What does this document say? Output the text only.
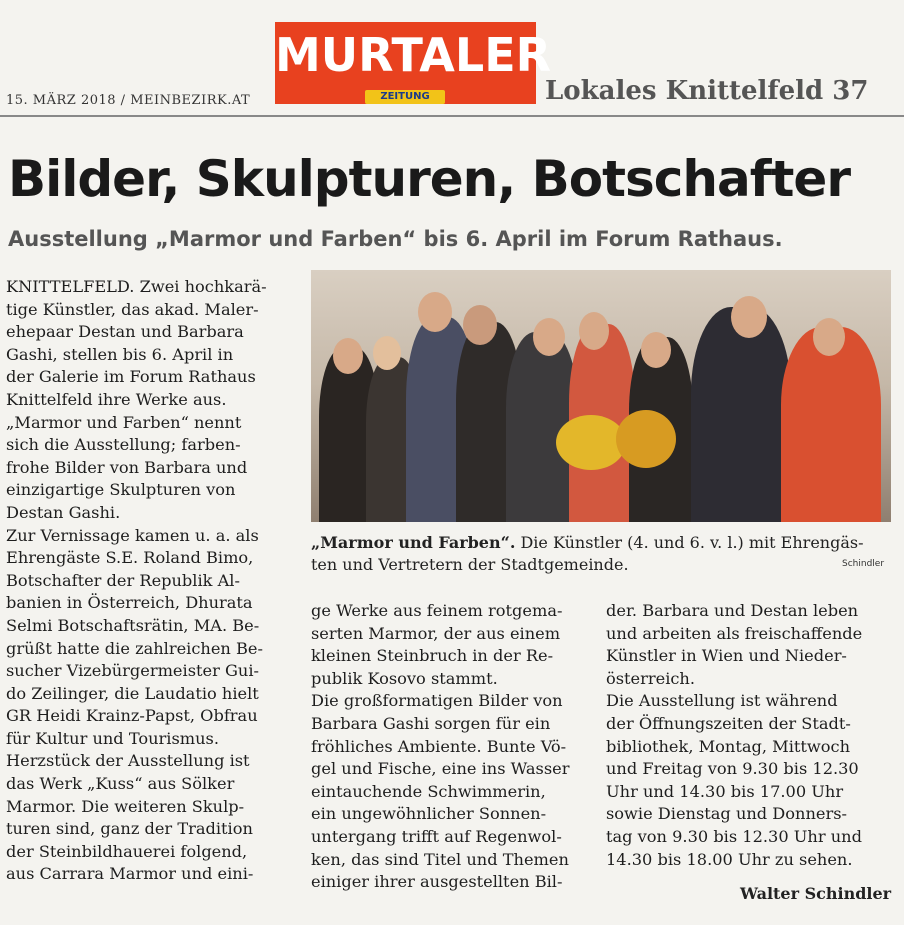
15. MÄRZ 2018 / MEINBEZIRK.AT
MURTALER
ZEITUNG	Lokales Knittelfeld 37
Bilder, Skulpturen, Botschafter
Ausstellung „Marmor und Farben“ bis 6. April im Forum Rathaus.

KNITTELFELD. Zwei hochkarä-
tige Künstler, das akad. Maler-
ehepaar Destan und Barbara
Gashi, stellen bis 6. April in
der Galerie im Forum Rathaus
Knittelfeld ihre Werke aus.
„Marmor und Farben“ nennt
sich die Ausstellung; farben-
frohe Bilder von Barbara und
einzigartige Skulpturen von
Destan Gashi.

Zur Vernissage kamen u. a. als
Ehrengäste S.E. Roland Bimo,
Botschafter der Republik Al-
banien in Österreich, Dhurata
Selmi Botschaftsrätin, MA. Be-
grüßt hatte die zahlreichen Be-
sucher Vizebürgermeister Gui-
do Zeilinger, die Laudatio hielt
GR Heidi Krainz-Papst, Obfrau
für Kultur und Tourismus.

Herzstück der Ausstellung ist
das Werk „Kuss“ aus Sölker
Marmor. Die weiteren Skulp-
turen sind, ganz der Tradition
der Steinbildhauerei folgend,
aus Carrara Marmor und eini-

„Marmor und Farben“. Die Künstler (4. und 6. v. l.) mit Ehrengäs-
ten und Vertretern der Stadtgemeinde.	Schindler

ge Werke aus feinem rotgema-
serten Marmor, der aus einem
kleinen Steinbruch in der Re-
publik Kosovo stammt.

Die großformatigen Bilder von
Barbara Gashi sorgen für ein
fröhliches Ambiente. Bunte Vö-
gel und Fische, eine ins Wasser
eintauchende Schwimmerin,
ein ungewöhnlicher Sonnen-
untergang trifft auf Regenwol-
ken, das sind Titel und Themen
einiger ihrer ausgestellten Bil-

der. Barbara und Destan leben
und arbeiten als freischaffende
Künstler in Wien und Nieder-
österreich.

Die Ausstellung ist während
der Öffnungszeiten der Stadt-
bibliothek, Montag, Mittwoch
und Freitag von 9.30 bis 12.30
Uhr und 14.30 bis 17.00 Uhr
sowie Dienstag und Donners-
tag von 9.30 bis 12.30 Uhr und
14.30 bis 18.00 Uhr zu sehen.

Walter Schindler
